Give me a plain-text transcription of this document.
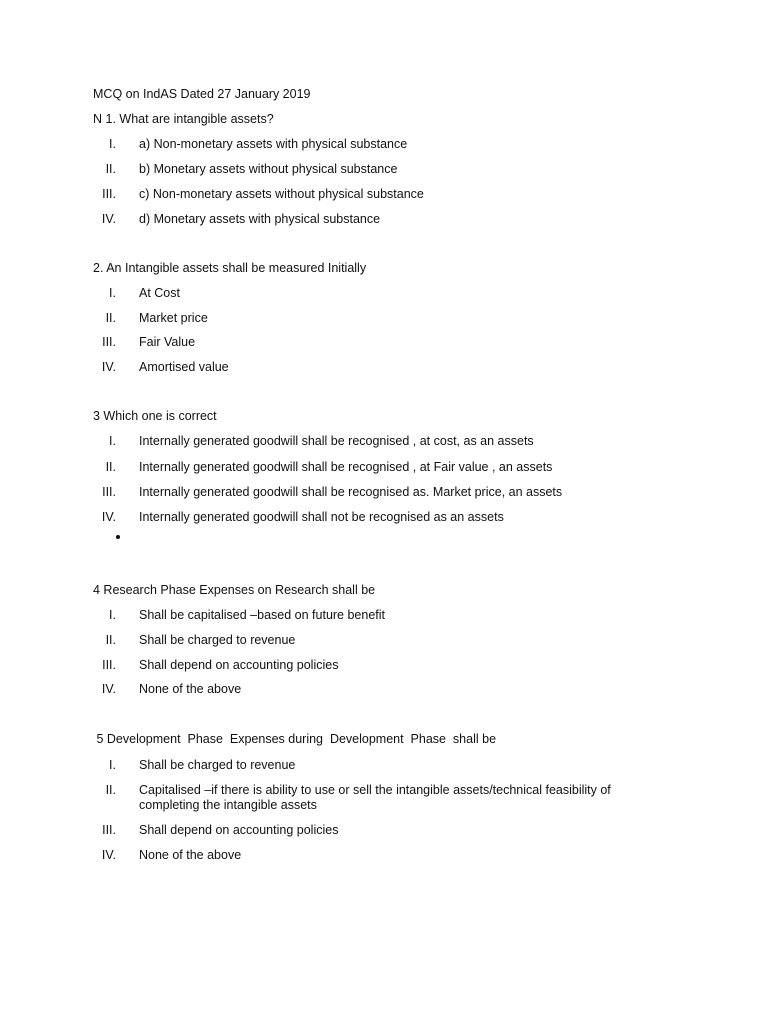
MCQ on IndAS Dated 27 January 2019
N 1. What are intangible assets?
I. a) Non-monetary assets with physical substance
II. b) Monetary assets without physical substance
III. c) Non-monetary assets without physical substance
IV. d) Monetary assets with physical substance
2. An Intangible assets shall be measured Initially
I. At Cost
II. Market price
III. Fair Value
IV. Amortised value
3 Which one is correct
I. Internally generated goodwill shall be recognised , at cost, as an assets
II. Internally generated goodwill shall be recognised , at Fair value , an assets
III. Internally generated goodwill shall be recognised as. Market price, an assets
IV. Internally generated goodwill shall not be recognised as an assets
4 Research Phase Expenses on Research shall be
I. Shall be capitalised –based on future benefit
II. Shall be charged to revenue
III. Shall depend on accounting policies
IV. None of the above
5 Development  Phase  Expenses during  Development  Phase  shall be
I. Shall be charged to revenue
II. Capitalised –if there is ability to use or sell the intangible assets/technical feasibility of completing the intangible assets
III. Shall depend on accounting policies
IV. None of the above
